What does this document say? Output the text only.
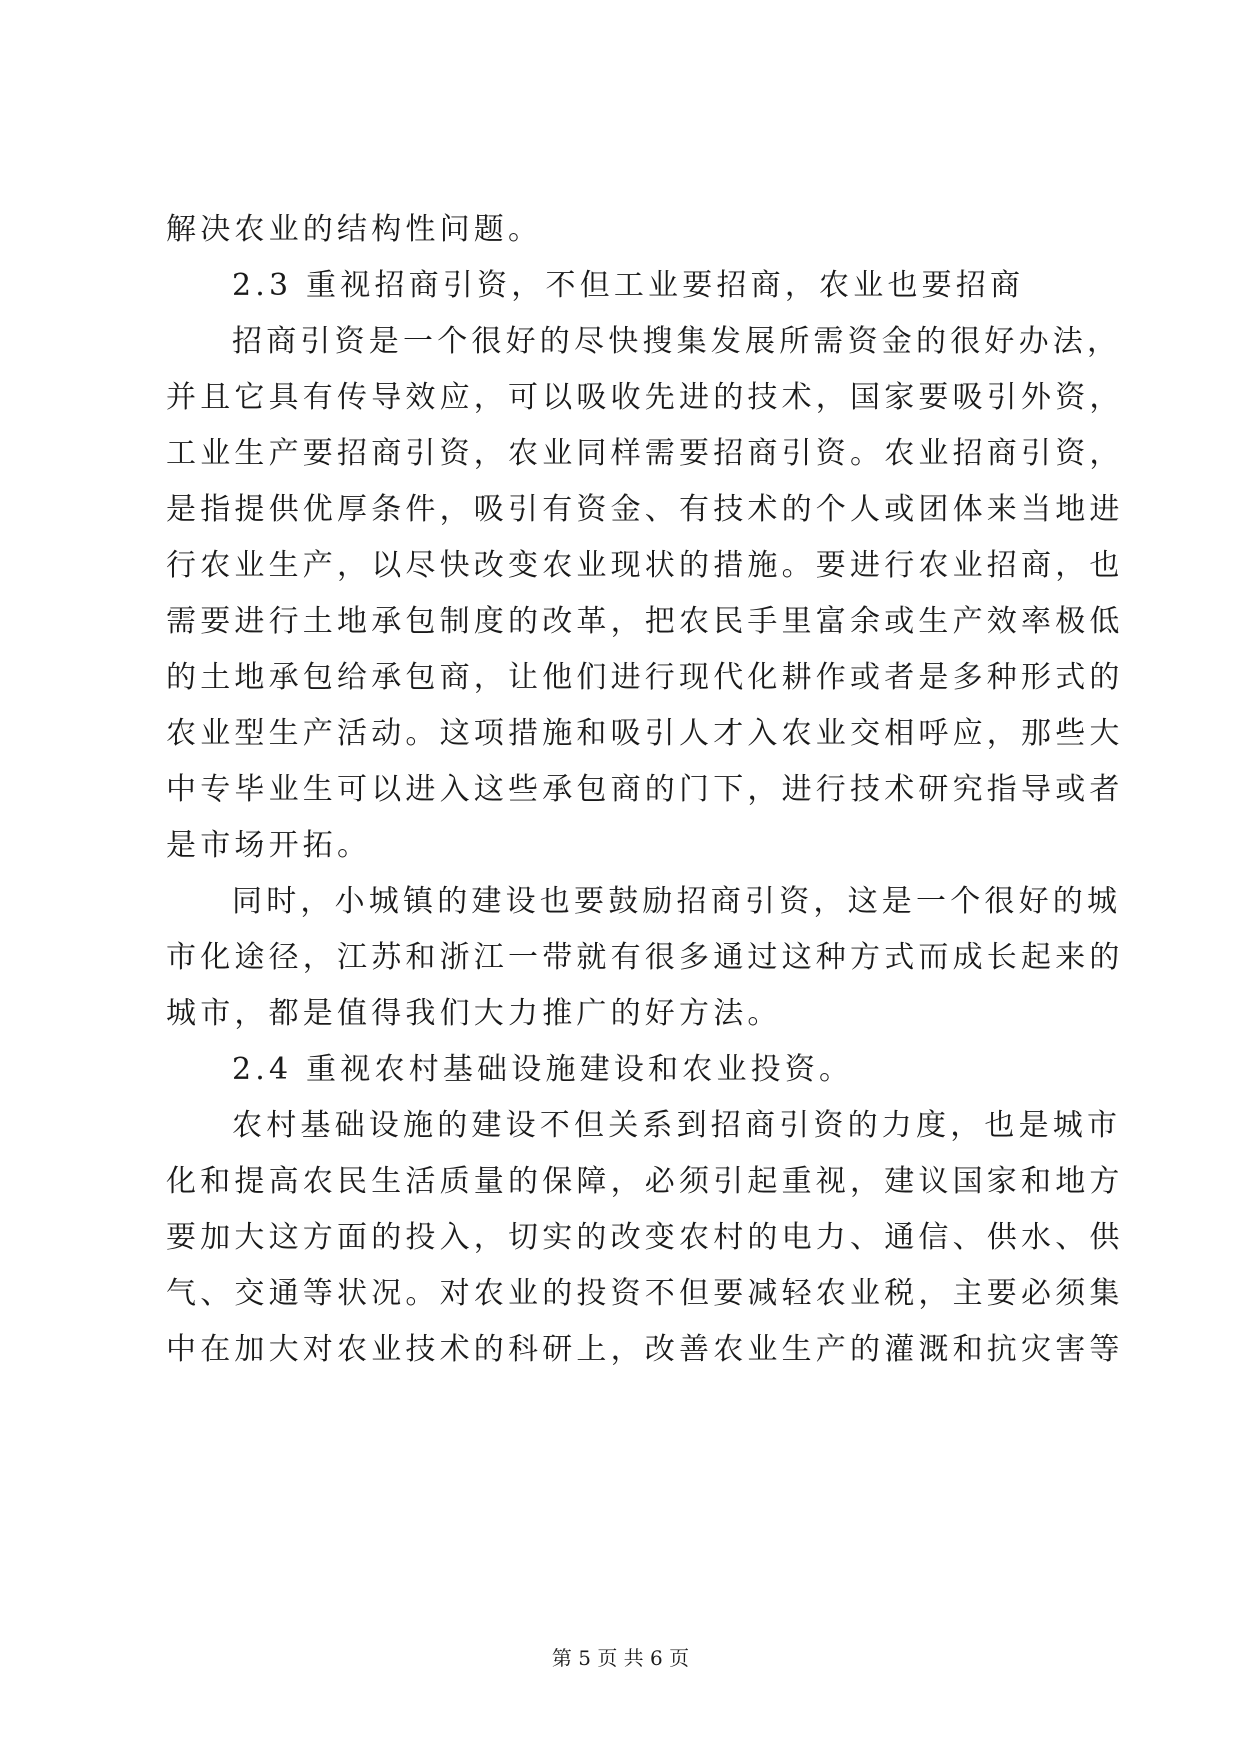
解决农业的结构性问题。
2.3 重视招商引资，不但工业要招商，农业也要招商
招商引资是一个很好的尽快搜集发展所需资金的很好办法，
并且它具有传导效应，可以吸收先进的技术，国家要吸引外资，
工业生产要招商引资，农业同样需要招商引资。农业招商引资，
是指提供优厚条件，吸引有资金、有技术的个人或团体来当地进
行农业生产，以尽快改变农业现状的措施。要进行农业招商，也
需要进行土地承包制度的改革，把农民手里富余或生产效率极低
的土地承包给承包商，让他们进行现代化耕作或者是多种形式的
农业型生产活动。这项措施和吸引人才入农业交相呼应，那些大
中专毕业生可以进入这些承包商的门下，进行技术研究指导或者
是市场开拓。
同时，小城镇的建设也要鼓励招商引资，这是一个很好的城
市化途径，江苏和浙江一带就有很多通过这种方式而成长起来的
城市，都是值得我们大力推广的好方法。
2.4 重视农村基础设施建设和农业投资。
农村基础设施的建设不但关系到招商引资的力度，也是城市
化和提高农民生活质量的保障，必须引起重视，建议国家和地方
要加大这方面的投入，切实的改变农村的电力、通信、供水、供
气、交通等状况。对农业的投资不但要减轻农业税，主要必须集
中在加大对农业技术的科研上，改善农业生产的灌溉和抗灾害等
第 5 页 共 6 页
